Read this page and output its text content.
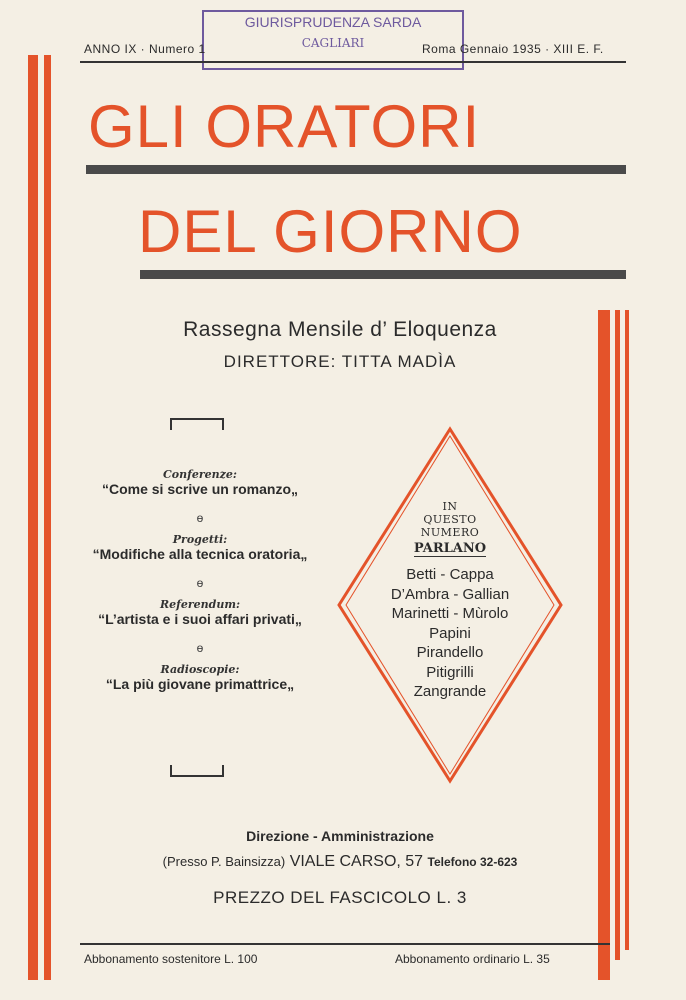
GIURISPRUDENZA SARDA
CAGLIARI
ANNO IX · Numero 1	Roma Gennaio 1935 · XIII E. F.
GLI ORATORI
DEL GIORNO
Rassegna Mensile d’ Eloquenza
DIRETTORE: TITTA MADÌA
Conferenze:
“Come si scrive un romanzo„
ɵ
Progetti:
“Modifiche alla tecnica oratoria„
ɵ
Referendum:
“L’artista e i suoi affari privati„
ɵ
Radioscopie:
“La più giovane primattrice„
IN
QUESTO
NUMERO
PARLANO
Betti - Cappa
D’Ambra - Gallian
Marinetti - Mùrolo
Papini
Pirandello
Pitigrilli
Zangrande
Direzione - Amministrazione
(Presso P. Bainsizza) VIALE CARSO, 57 Telefono 32-623
PREZZO DEL FASCICOLO L. 3
Abbonamento sostenitore L. 100	Abbonamento ordinario L. 35
